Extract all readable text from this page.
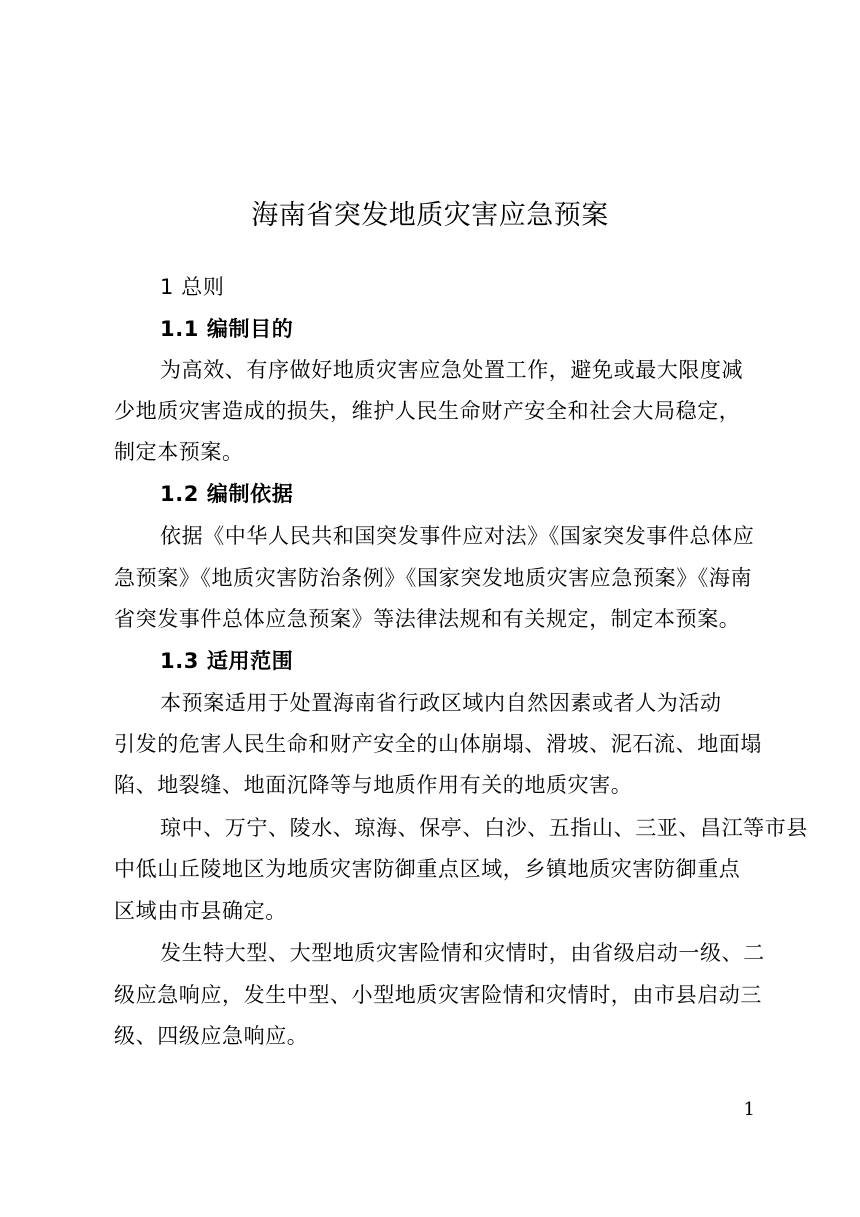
海南省突发地质灾害应急预案
1 总则
1.1 编制目的
为高效、有序做好地质灾害应急处置工作，避免或最大限度减
少地质灾害造成的损失，维护人民生命财产安全和社会大局稳定，
制定本预案。
1.2 编制依据
依据《中华人民共和国突发事件应对法》《国家突发事件总体应
急预案》《地质灾害防治条例》《国家突发地质灾害应急预案》《海南
省突发事件总体应急预案》等法律法规和有关规定，制定本预案。
1.3 适用范围
本预案适用于处置海南省行政区域内自然因素或者人为活动
引发的危害人民生命和财产安全的山体崩塌、滑坡、泥石流、地面塌
陷、地裂缝、地面沉降等与地质作用有关的地质灾害。
琼中、万宁、陵水、琼海、保亭、白沙、五指山、三亚、昌江等市县
中低山丘陵地区为地质灾害防御重点区域，乡镇地质灾害防御重点
区域由市县确定。
发生特大型、大型地质灾害险情和灾情时，由省级启动一级、二
级应急响应，发生中型、小型地质灾害险情和灾情时，由市县启动三
级、四级应急响应。
1
